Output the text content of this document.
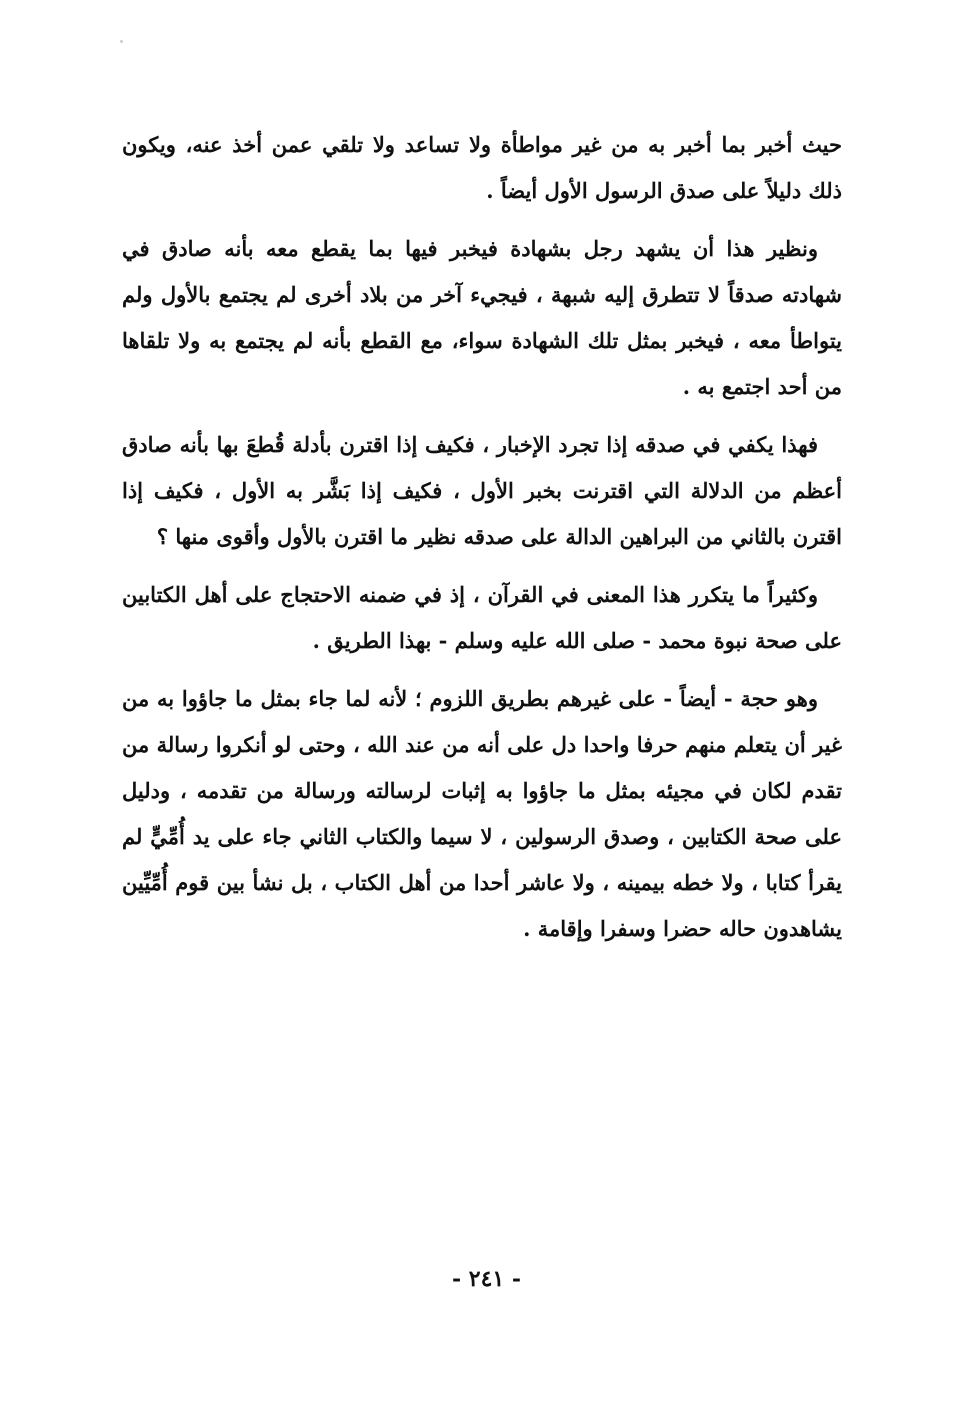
حيث أخبر بما أخبر به من غير مواطأة ولا تساعد ولا تلقي عمن أخذ عنه، ويكون ذلك دليلاً على صدق الرسول الأول أيضاً .

ونظير هذا أن يشهد رجل بشهادة فيخبر فيها بما يقطع معه بأنه صادق في شهادته صدقاً لا تتطرق إليه شبهة ، فيجيء آخر من بلاد أخرى لم يجتمع بالأول ولم يتواطأ معه ، فيخبر بمثل تلك الشهادة سواء، مع القطع بأنه لم يجتمع به ولا تلقاها من أحد اجتمع به .

فهذا يكفي في صدقه إذا تجرد الإخبار ، فكيف إذا اقترن بأدلة قُطعَ بها بأنه صادق أعظم من الدلالة التي اقترنت بخبر الأول ، فكيف إذا بَشَّر به الأول ، فكيف إذا اقترن بالثاني من البراهين الدالة على صدقه نظير ما اقترن بالأول وأقوى منها ؟

وكثيراً ما يتكرر هذا المعنى في القرآن ، إذ في ضمنه الاحتجاج على أهل الكتابين على صحة نبوة محمد - صلى الله عليه وسلم - بهذا الطريق .

وهو حجة - أيضاً - على غيرهم بطريق اللزوم ؛ لأنه لما جاء بمثل ما جاؤوا به من غير أن يتعلم منهم حرفا واحدا دل على أنه من عند الله ، وحتى لو أنكروا رسالة من تقدم لكان في مجيئه بمثل ما جاؤوا به إثبات لرسالته ورسالة من تقدمه ، ودليل على صحة الكتابين ، وصدق الرسولين ، لا سيما والكتاب الثاني جاء على يد أُمِّيٍّ لم يقرأ كتابا ، ولا خطه بيمينه ، ولا عاشر أحدا من أهل الكتاب ، بل نشأ بين قوم أُمِّيِّين يشاهدون حاله حضرا وسفرا وإقامة .

- ٢٤١ -
